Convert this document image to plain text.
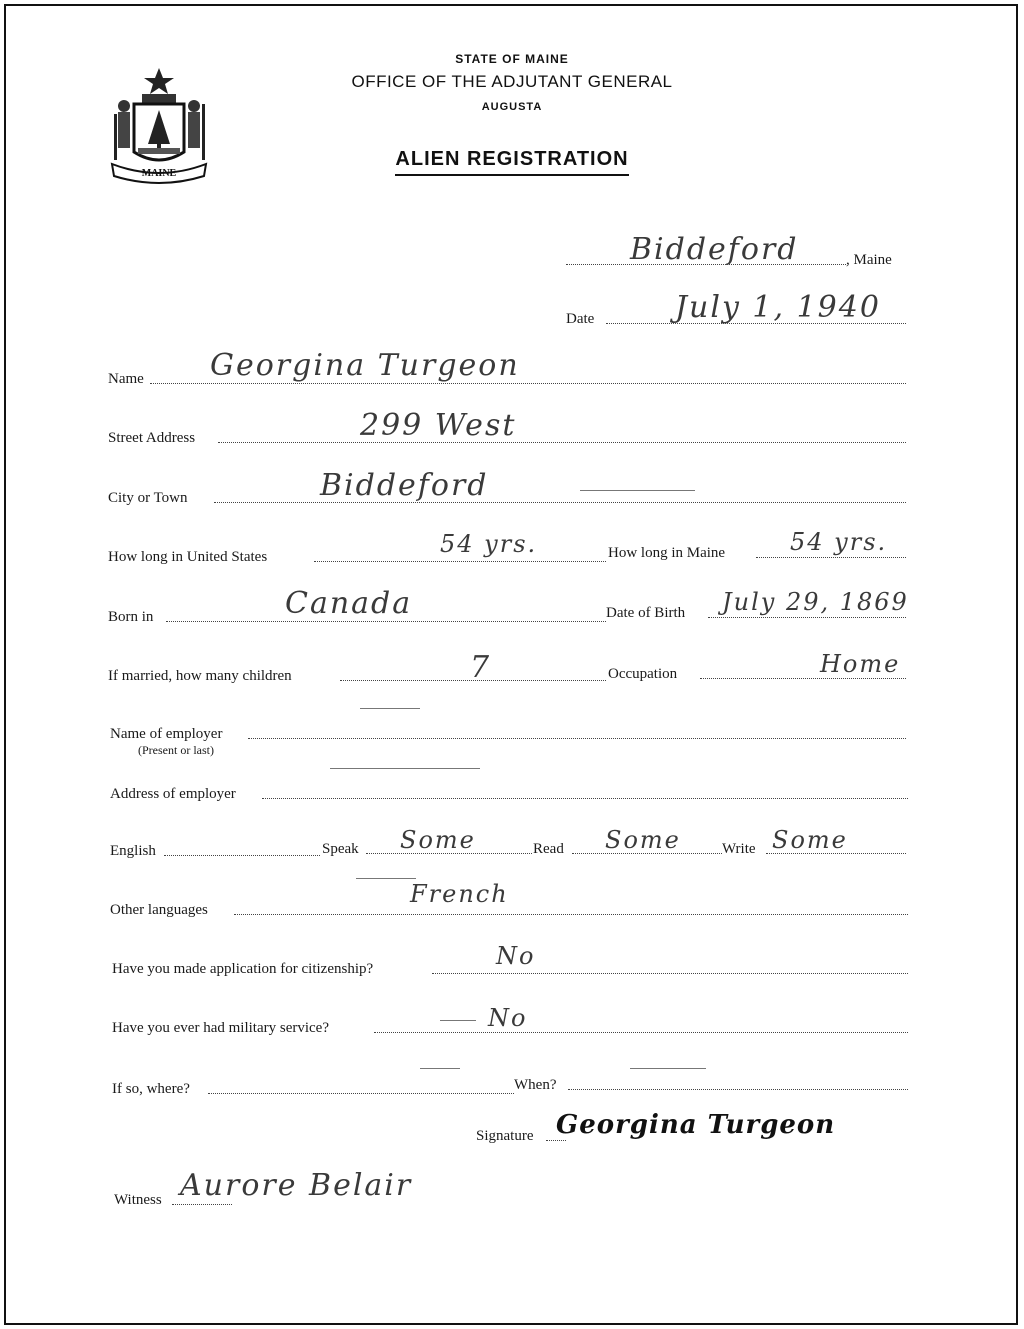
MAINE
STATE OF MAINE
OFFICE OF THE ADJUTANT GENERAL
AUGUSTA
ALIEN REGISTRATION
Biddeford	, Maine
Date	July 1, 1940
Name Georgina Turgeon
Street Address	299 West
City or Town	Biddeford
How long in United States	54 yrs.	How long in Maine	54 yrs.
Born in	Canada	Date of Birth July 29, 1869
If married, how many children	7	Occupation	Home
Name of employer
(Present or last)
Address of employer
English	Speak Some	Read Some	Write Some
Other languages
French
Have you made application for citizenship?	No
Have you ever had military service?	No
If so, where?	When?
Signature Georgina Turgeon
Witness Aurore Belair
